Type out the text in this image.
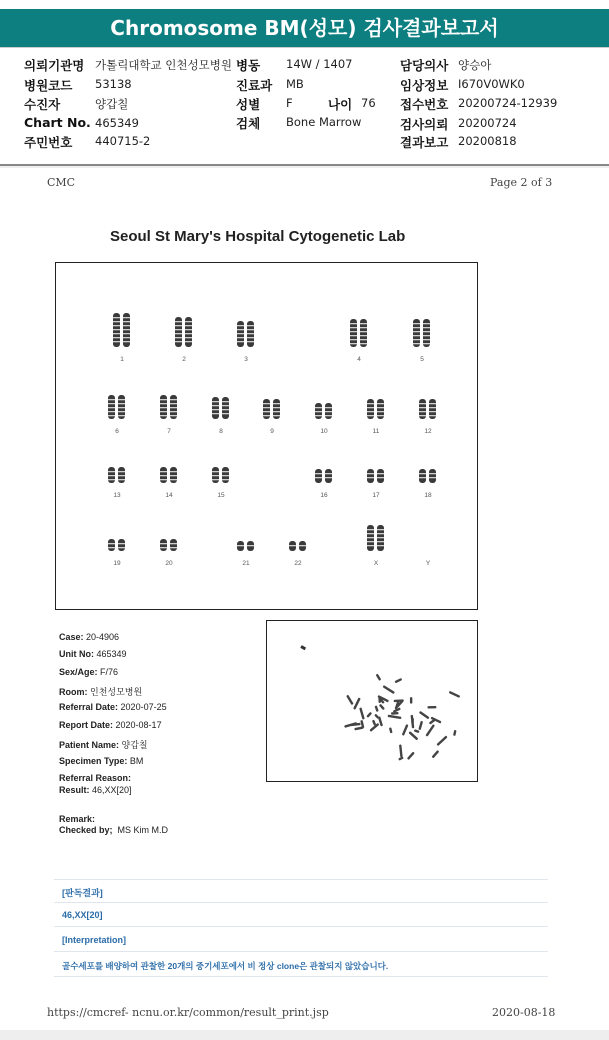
Chromosome BM(성모) 검사결과보고서
의뢰기관명 가톨릭대학교 인천성모병원
병원코드 53138
수진자	양갑칠
Chart No. 465349
주민번호 440715-2
병동 14W / 1407
진료과 MB
성별 F	나이 76
검체 Bone Marrow
담당의사 양승아
임상정보 I670V0WK0
접수번호 20200724-12939
검사의뢰 20200724
결과보고 20200818
CMC	Page 2 of 3
Seoul St Mary's Hospital Cytogenetic Lab
1	2	3	4	5
6	7	8	9	10	11	12
13	14	15	16	17	18
19	20	21	22	X	Y
Case: 20-4906
Unit No: 465349
Sex/Age: F/76
Room: 인천성모병원
Referral Date: 2020-07-25
Report Date: 2020-08-17
Patient Name: 양갑칠
Specimen Type: BM
Referral Reason:
Result: 46,XX[20]
Remark:
Checked by; MS Kim M.D
[판독결과]
46,XX[20]
[Interpretation]
골수세포를 배양하여 관찰한 20개의 중기세포에서 비 정상 clone은 관찰되지 않았습니다.
https://cmcref- ncnu.or.kr/common/result_print.jsp	2020-08-18
